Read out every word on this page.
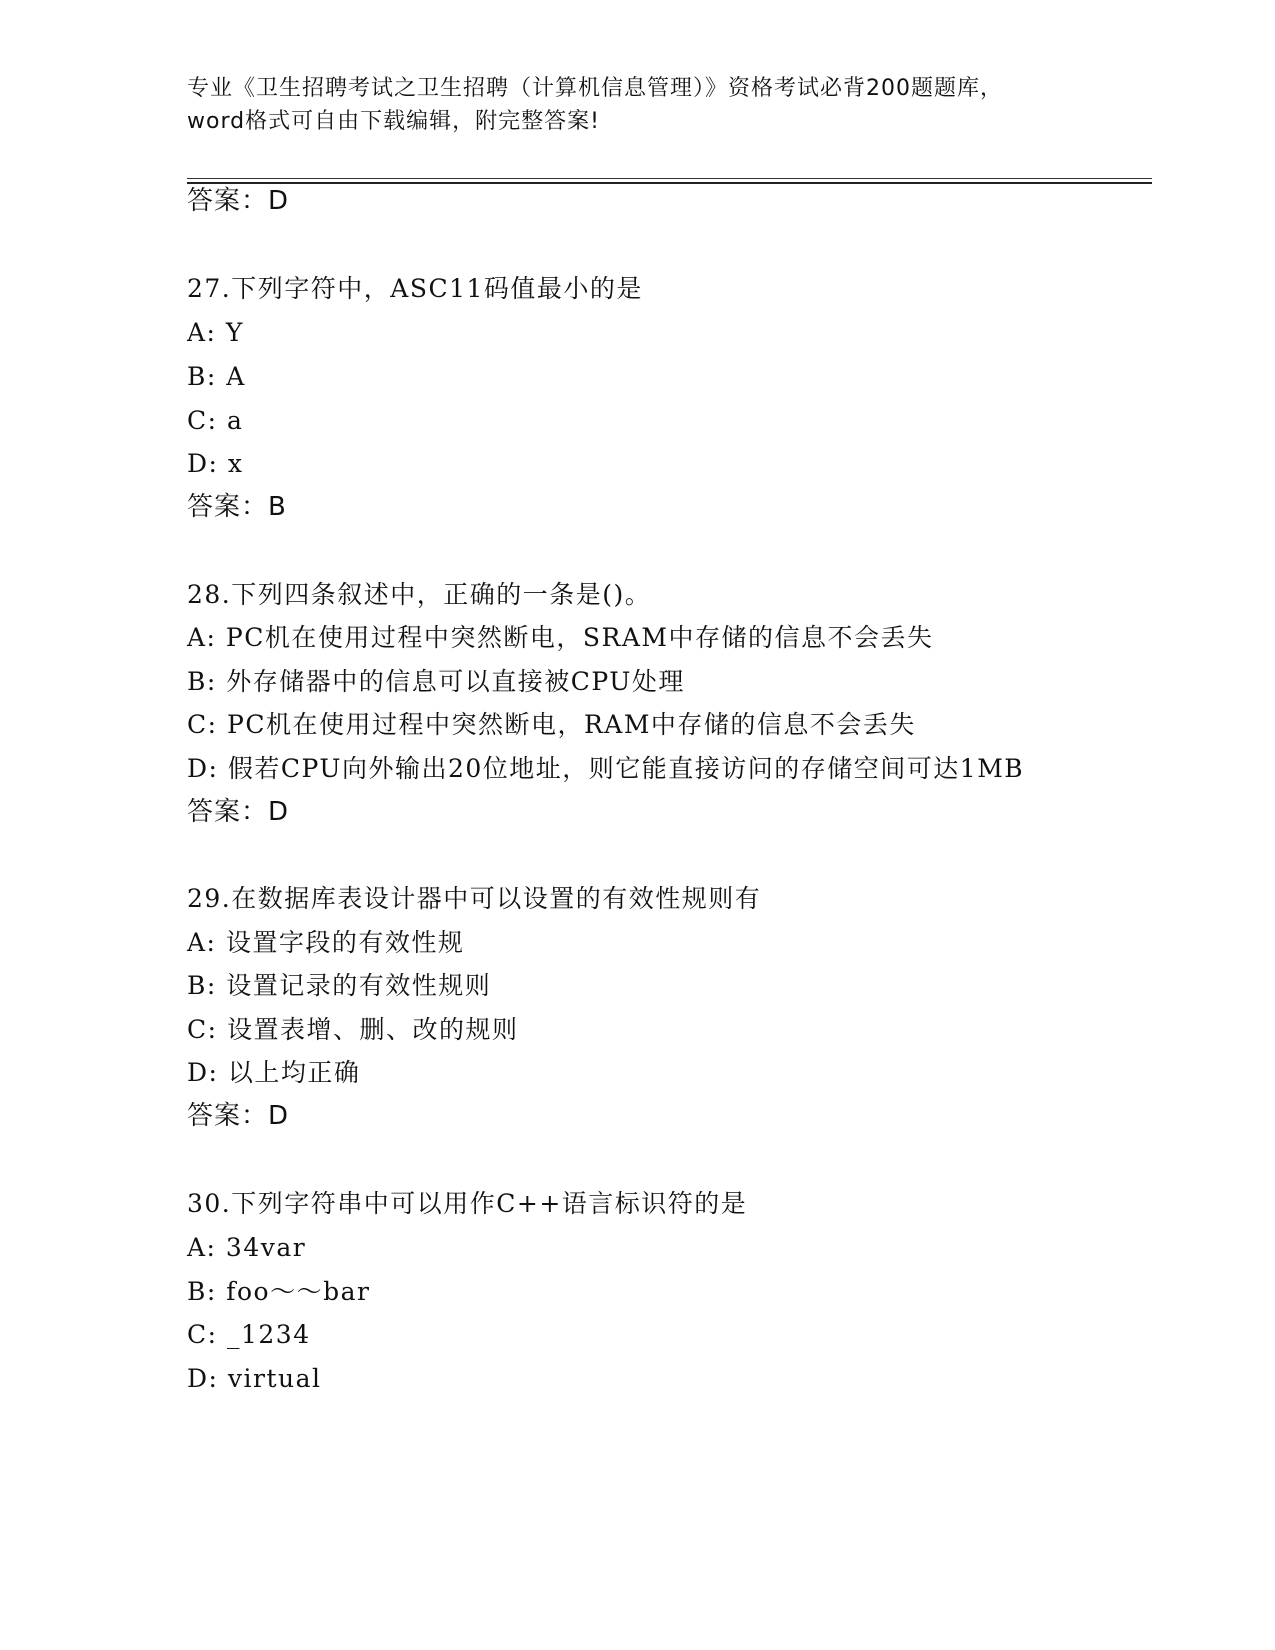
专业《卫生招聘考试之卫生招聘（计算机信息管理）》资格考试必背200题题库，
word格式可自由下载编辑，附完整答案!
答案：D
27.下列字符中，ASC11码值最小的是
A: Y
B: A
C: a
D: x
答案：B
28.下列四条叙述中，正确的一条是()。
A: PC机在使用过程中突然断电，SRAM中存储的信息不会丢失
B: 外存储器中的信息可以直接被CPU处理
C: PC机在使用过程中突然断电，RAM中存储的信息不会丢失
D: 假若CPU向外输出20位地址，则它能直接访问的存储空间可达1MB
答案：D
29.在数据库表设计器中可以设置的有效性规则有
A: 设置字段的有效性规
B: 设置记录的有效性规则
C: 设置表增、删、改的规则
D: 以上均正确
答案：D
30.下列字符串中可以用作C++语言标识符的是
A: 34var
B: foo～～bar
C: _1234
D: virtual
